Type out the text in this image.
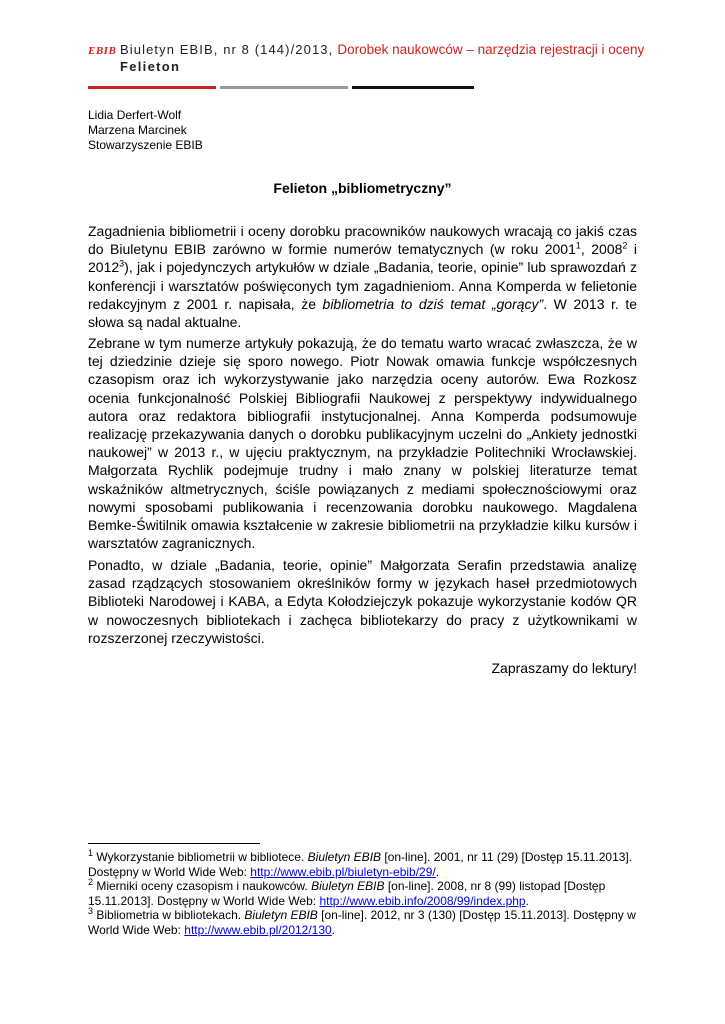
EBIB Biuletyn EBIB, nr 8 (144)/2013, Dorobek naukowców – narzędzia rejestracji i oceny
Felieton
Lidia Derfert-Wolf
Marzena Marcinek
Stowarzyszenie EBIB
Felieton „bibliometryczny”

Zagadnienia bibliometrii i oceny dorobku pracowników naukowych wracają co jakiś czas do Biuletynu EBIB zarówno w formie numerów tematycznych (w roku 2001$^1$, 2008$^2$ i 2012$^3$), jak i pojedynczych artykułów w dziale „Badania, teorie, opinie” lub sprawozdań z konferencji i warsztatów poświęconych tym zagadnieniom. Anna Komperda w felietonie redakcyjnym z 2001 r. napisała, że bibliometria to dziś temat „gorący”. W 2013 r. te słowa są nadal aktualne.

Zebrane w tym numerze artykuły pokazują, że do tematu warto wracać zwłaszcza, że w tej dziedzinie dzieje się sporo nowego. Piotr Nowak omawia funkcje współczesnych czasopism oraz ich wykorzystywanie jako narzędzia oceny autorów. Ewa Rozkosz ocenia funkcjonalność Polskiej Bibliografii Naukowej z perspektywy indywidualnego autora oraz redaktora bibliografii instytucjonalnej. Anna Komperda podsumowuje realizację przekazywania danych o dorobku publikacyjnym uczelni do „Ankiety jednostki naukowej” w 2013 r., w ujęciu praktycznym, na przykładzie Politechniki Wrocławskiej. Małgorzata Rychlik podejmuje trudny i mało znany w polskiej literaturze temat wskaźników altmetrycznych, ściśle powiązanych z mediami społecznościowymi oraz nowymi sposobami publikowania i recenzowania dorobku naukowego. Magdalena Bemke-Świtilnik omawia kształcenie w zakresie bibliometrii na przykładzie kilku kursów i warsztatów zagranicznych.

Ponadto, w dziale „Badania, teorie, opinie” Małgorzata Serafin przedstawia analizę zasad rządzących stosowaniem określników formy w językach haseł przedmiotowych Biblioteki Narodowej i KABA, a Edyta Kołodziejczyk pokazuje wykorzystanie kodów QR w nowoczesnych bibliotekach i zachęca bibliotekarzy do pracy z użytkownikami w rozszerzonej rzeczywistości.

Zapraszamy do lektury!

$^1$ Wykorzystanie bibliometrii w bibliotece. Biuletyn EBIB [on-line]. 2001, nr 11 (29) [Dostęp 15.11.2013]. Dostępny w World Wide Web: http://www.ebib.pl/biuletyn-ebib/29/.

$^2$ Mierniki oceny czasopism i naukowców. Biuletyn EBIB [on-line]. 2008, nr 8 (99) listopad [Dostęp 15.11.2013]. Dostępny w World Wide Web: http://www.ebib.info/2008/99/index.php.

$^3$ Bibliometria w bibliotekach. Biuletyn EBIB [on-line]. 2012, nr 3 (130) [Dostęp 15.11.2013]. Dostępny w World Wide Web: http://www.ebib.pl/2012/130.
